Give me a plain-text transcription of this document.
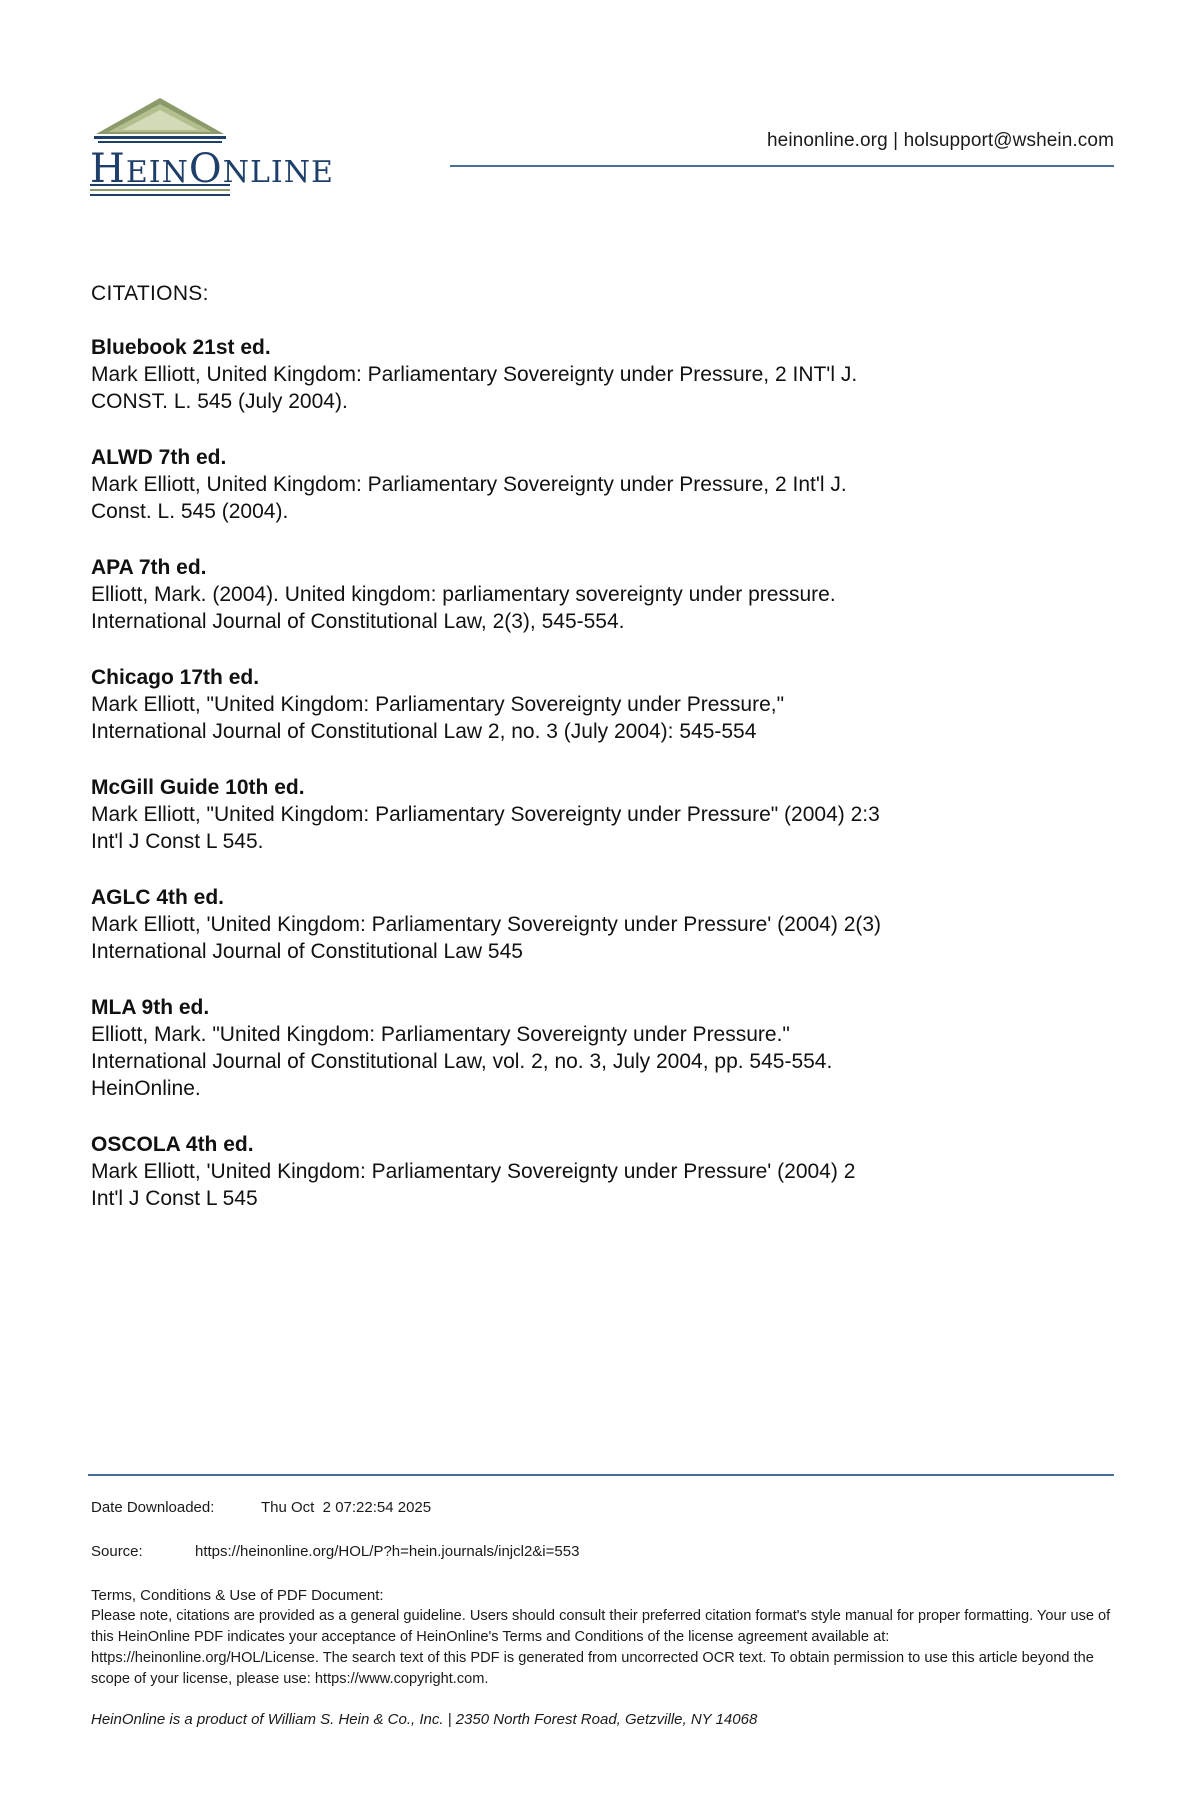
HEINONLINE
heinonline.org | holsupport@wshein.com
CITATIONS:
Bluebook 21st ed.
Mark Elliott, United Kingdom: Parliamentary Sovereignty under Pressure, 2 INT'l J.
CONST. L. 545 (July 2004).
ALWD 7th ed.
Mark Elliott, United Kingdom: Parliamentary Sovereignty under Pressure, 2 Int'l J.
Const. L. 545 (2004).
APA 7th ed.
Elliott, Mark. (2004). United kingdom: parliamentary sovereignty under pressure.
International Journal of Constitutional Law, 2(3), 545-554.
Chicago 17th ed.
Mark Elliott, "United Kingdom: Parliamentary Sovereignty under Pressure,"
International Journal of Constitutional Law 2, no. 3 (July 2004): 545-554
McGill Guide 10th ed.
Mark Elliott, "United Kingdom: Parliamentary Sovereignty under Pressure" (2004) 2:3
Int'l J Const L 545.
AGLC 4th ed.
Mark Elliott, 'United Kingdom: Parliamentary Sovereignty under Pressure' (2004) 2(3)
International Journal of Constitutional Law 545
MLA 9th ed.
Elliott, Mark. "United Kingdom: Parliamentary Sovereignty under Pressure."
International Journal of Constitutional Law, vol. 2, no. 3, July 2004, pp. 545-554.
HeinOnline.
OSCOLA 4th ed.
Mark Elliott, 'United Kingdom: Parliamentary Sovereignty under Pressure' (2004) 2
Int'l J Const L 545
Date Downloaded:	Thu Oct  2 07:22:54 2025
Source:	https://heinonline.org/HOL/P?h=hein.journals/injcl2&i=553
Terms, Conditions & Use of PDF Document:
Please note, citations are provided as a general guideline. Users should consult their preferred citation format's style manual for proper formatting. Your use of this HeinOnline PDF indicates your acceptance of HeinOnline's Terms and Conditions of the license agreement available at: https://heinonline.org/HOL/License. The search text of this PDF is generated from uncorrected OCR text. To obtain permission to use this article beyond the scope of your license, please use: https://www.copyright.com.
HeinOnline is a product of William S. Hein & Co., Inc. | 2350 North Forest Road, Getzville, NY 14068
